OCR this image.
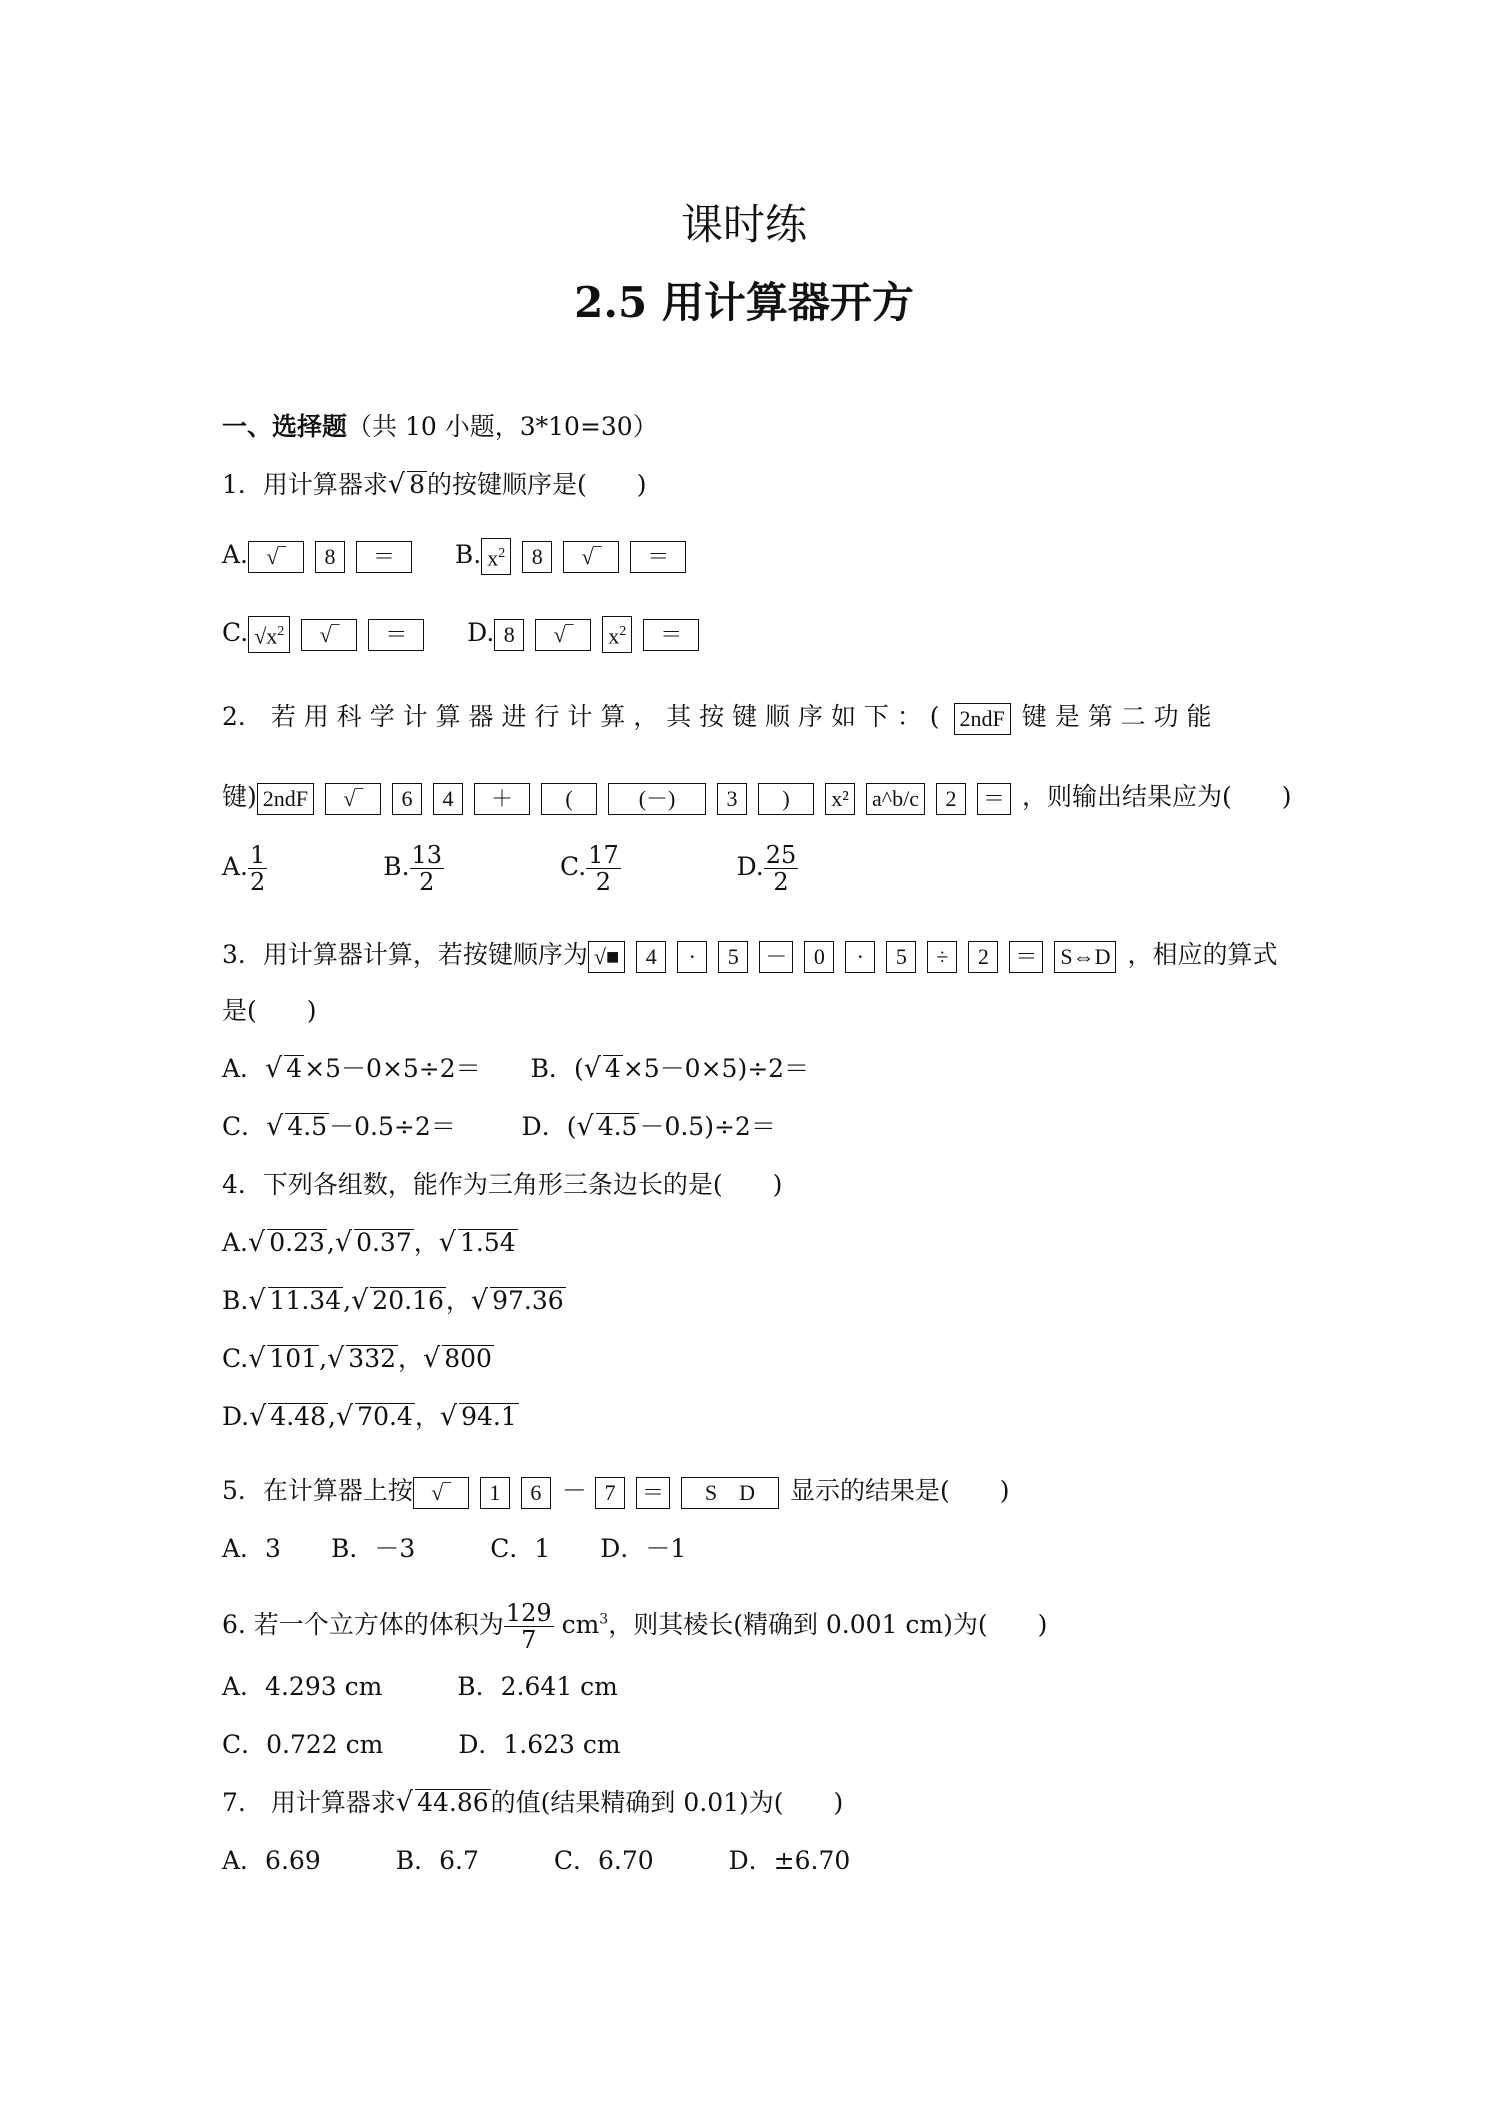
课时练
2.5 用计算器开方
一、选择题（共 10 小题，3*10=30）
1．用计算器求√ 8的按键顺序是(　　)
A. √‾ 8 ＝ B. $x^2$ 8 √‾ ＝
C. $√x^2$ √‾ ＝ D. 8 √‾ $x^2$ ＝
2． 若 用 科 学 计 算 器 进 行 计 算 ， 其 按 键 顺 序 如 下 ： ( 2ndF 键 是 第 二 功 能
键) 2ndF √‾ 6 4 ＋ (	(－) 3 ) x² a^b/c 2 ＝ ，则输出结果应为(　　)
A. $\frac{1}{2}$	B. $\frac{13}{2}$	C. $\frac{17}{2}$	D. $\frac{25}{2}$
3．用计算器计算，若按键顺序为 √■ 4 · 5 － 0 · 5 ÷ 2 ＝ S⇔D ，相应的算式
是(　　)
A．√ 4×5－0×5÷2＝ B．(√ 4×5－0×5)÷2＝
C．√ 4.5－0.5÷2＝	D．(√ 4.5－0.5)÷2＝
4．下列各组数，能作为三角形三条边长的是(　　)
A.√ 0.23,√ 0.37，√ 1.54
B.√ 11.34,√ 20.16，√ 97.36
C.√ 101,√ 332，√ 800
D.√ 4.48,√ 70.4，√ 94.1
5．在计算器上按 √‾ 1 6 － 7 ＝ S　D 显示的结果是(　　)
A．3　　B．－3　　　C．1　　D．－1
6. 若一个立方体的体积为 $\frac{129}{7} cm^3$，则其棱长(精确到 0.001 cm)为(　　)
A．4.293 cm　　　B．2.641 cm
C．0.722 cm　　　D．1.623 cm
7.　用计算器求√ 44.86的值(结果精确到 0.01)为(　　)
A．6.69　　　B．6.7　　　C．6.70　　　D．±6.70
